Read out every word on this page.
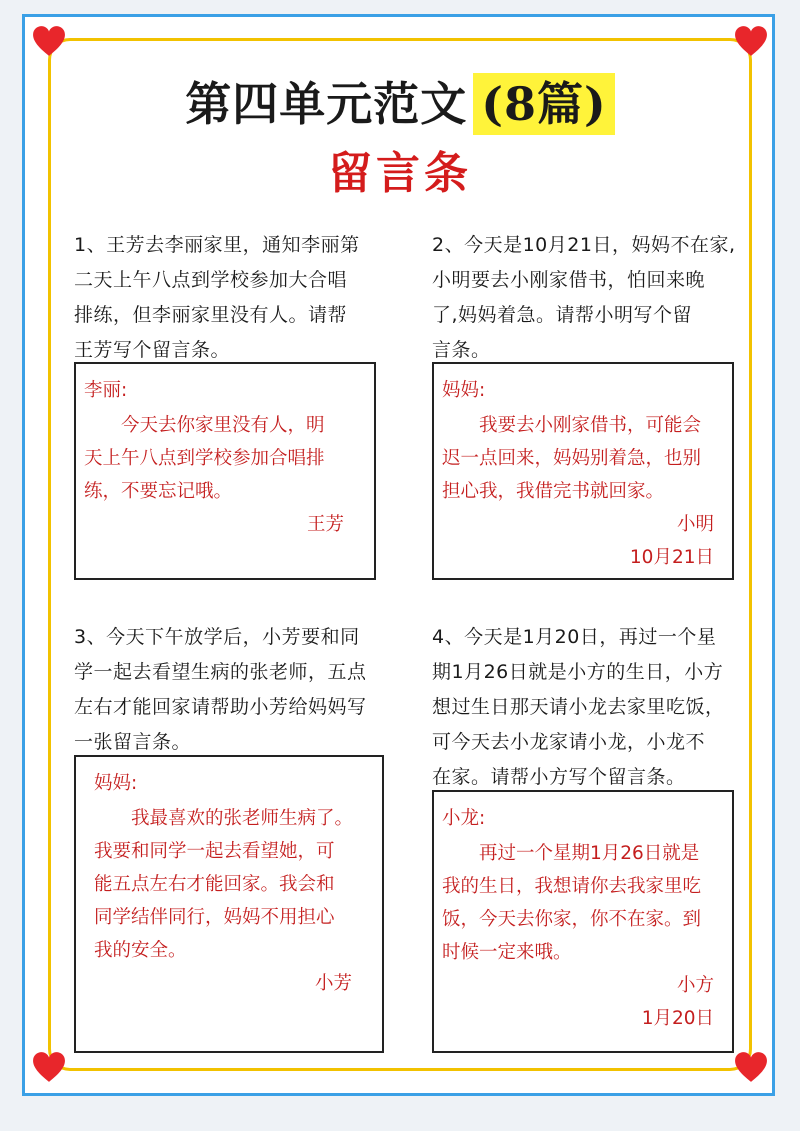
第四单元范文 (8篇)
留言条
1、王芳去李丽家里，通知李丽第
二天上午八点到学校参加大合唱
排练，但李丽家里没有人。请帮
王芳写个留言条。
李丽:
今天去你家里没有人，明
天上午八点到学校参加合唱排
练，不要忘记哦。
王芳
2、今天是10月21日，妈妈不在家,
小明要去小刚家借书，怕回来晚
了,妈妈着急。请帮小明写个留
言条。
妈妈:
我要去小刚家借书，可能会
迟一点回来，妈妈别着急，也别
担心我，我借完书就回家。
小明
10月21日
3、今天下午放学后，小芳要和同
学一起去看望生病的张老师，五点
左右才能回家请帮助小芳给妈妈写
一张留言条。
妈妈:
我最喜欢的张老师生病了。
我要和同学一起去看望她，可
能五点左右才能回家。我会和
同学结伴同行，妈妈不用担心
我的安全。
小芳
4、今天是1月20日，再过一个星
期1月26日就是小方的生日，小方
想过生日那天请小龙去家里吃饭，
可今天去小龙家请小龙，小龙不
在家。请帮小方写个留言条。
小龙:
再过一个星期1月26日就是
我的生日，我想请你去我家里吃
饭，今天去你家，你不在家。到
时候一定来哦。
小方
1月20日
